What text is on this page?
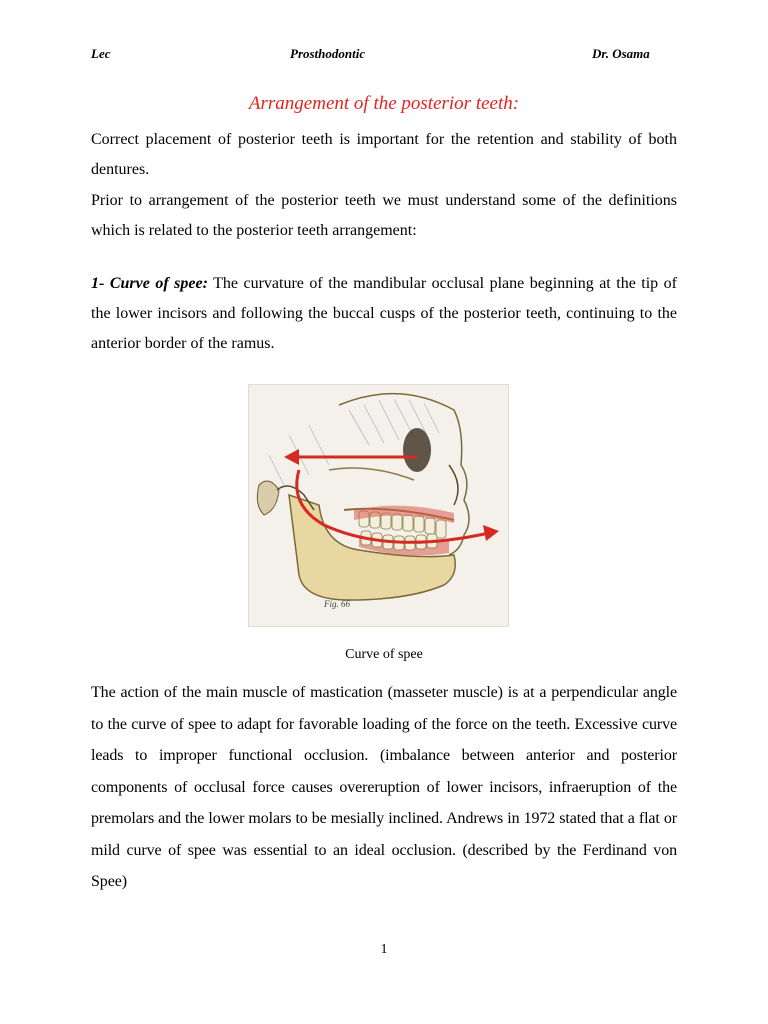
Lec	Prosthodontic	Dr. Osama
Arrangement of the posterior teeth:
Correct placement of posterior teeth is important for the retention and stability of both dentures.
Prior to arrangement of the posterior teeth we must understand some of the definitions which is related to the posterior teeth arrangement:
1- Curve of spee: The curvature of the mandibular occlusal plane beginning at the tip of the lower incisors and following the buccal cusps of the posterior teeth, continuing to the anterior border of the ramus.
Fig. 66
Curve of spee
The action of the main muscle of mastication (masseter muscle) is at a perpendicular angle to the curve of spee to adapt for favorable loading of the force on the teeth. Excessive curve leads to improper functional occlusion. (imbalance between anterior and posterior components of occlusal force causes overeruption of lower incisors, infraeruption of the premolars and the lower molars to be mesially inclined. Andrews in 1972 stated that a flat or mild curve of spee was essential to an ideal occlusion. (described by the Ferdinand von Spee)
1
